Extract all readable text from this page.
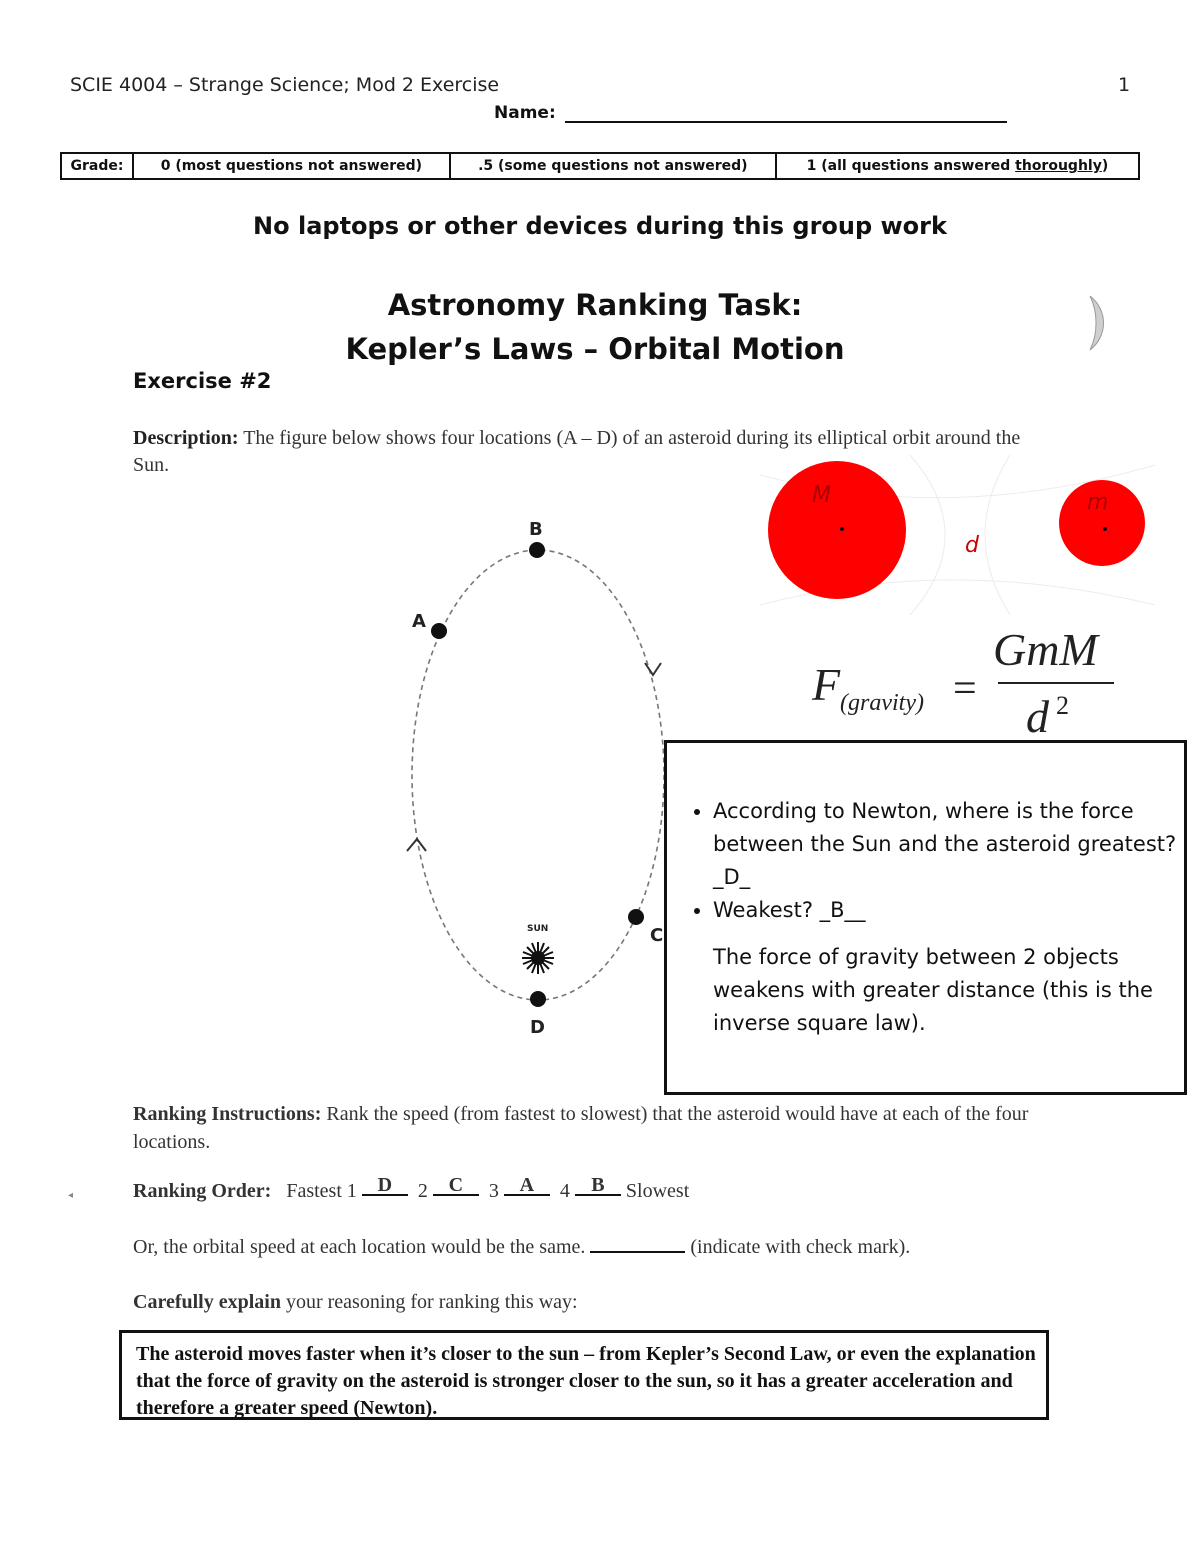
SCIE 4004 – Strange Science; Mod 2 Exercise	1
Name:
Grade:	0 (most questions not answered)	.5 (some questions not answered)	1 (all questions answered thoroughly)
No laptops or other devices during this group work
Astronomy Ranking Task:
Kepler’s Laws – Orbital Motion
Exercise #2
Description: The figure below shows four locations (A – D) of an asteroid during its elliptical orbit around the Sun.
B
A
C
D
SUN
M	m
d
F (gravity) =
GmM
d 2
• According to Newton, where is the force between the Sun and the asteroid greatest? _D_
• Weakest? _B__
The force of gravity between 2 objects weakens with greater distance (this is the inverse square law).
Ranking Instructions: Rank the speed (from fastest to slowest) that the asteroid would have at each of the four locations.
◂	Ranking Order: Fastest 1 D 2 C 3 A 4 B Slowest
Or, the orbital speed at each location would be the same.	(indicate with check mark).
Carefully explain your reasoning for ranking this way:
The asteroid moves faster when it’s closer to the sun – from Kepler’s Second Law, or even the explanation that the force of gravity on the asteroid is stronger closer to the sun, so it has a greater acceleration and therefore a greater speed (Newton).
